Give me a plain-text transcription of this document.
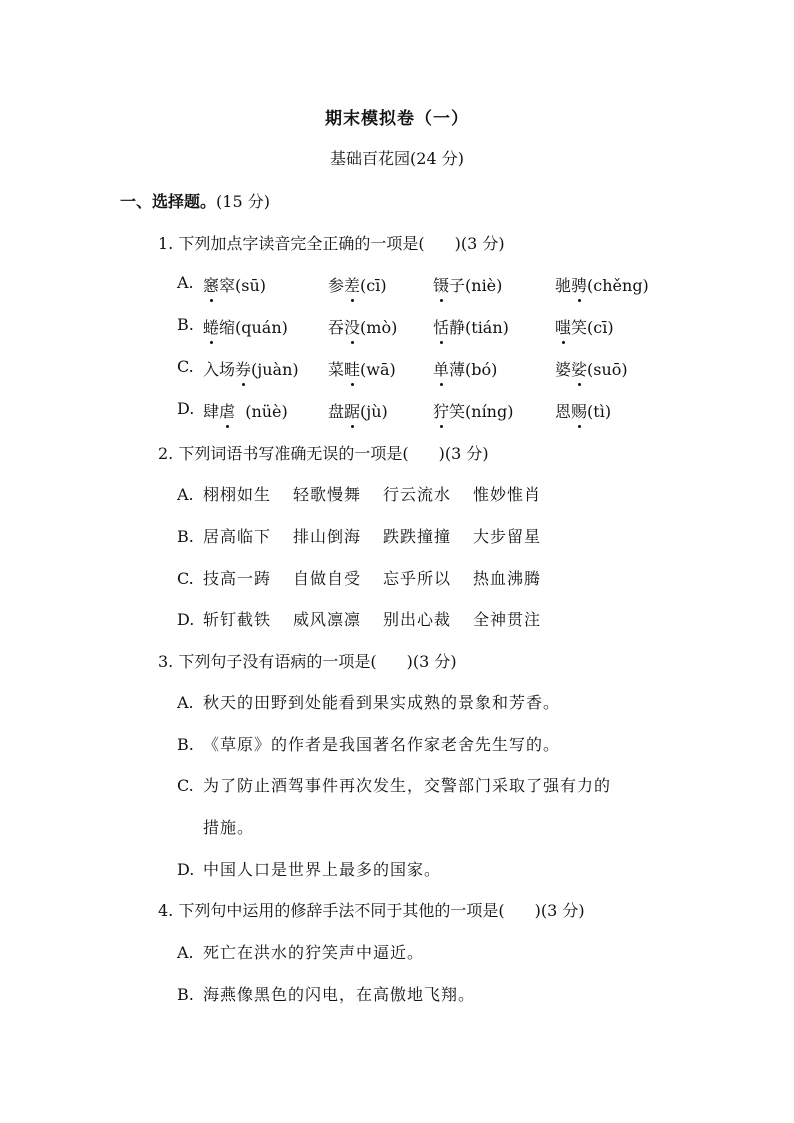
期末模拟卷（一）
基础百花园(24 分)
一、选择题。(15 分)
1. 下列加点字读音完全正确的一项是( )(3 分)
A. 窸窣(sū)	参差(cī)	镊子(niè)	驰骋(chěng)
B. 蜷缩(quán)	吞没(mò) 恬静(tián)	嗤笑(cī)
C. 入场券(juàn) 菜畦(wā) 单薄(bó)	婆娑(suō)
D. 肆虐  (nüè)	盘踞(jù)	狞笑(níng)	恩赐(tì)
2. 下列词语书写准确无误的一项是( )(3 分)
A. 栩栩如生 轻歌慢舞 行云流水 惟妙惟肖
B. 居高临下 排山倒海 跌跌撞撞 大步留星
C. 技高一踌 自做自受 忘乎所以 热血沸腾
D. 斩钉截铁 威风凛凛 别出心裁 全神贯注
3. 下列句子没有语病的一项是( )(3 分)
A. 秋天的田野到处能看到果实成熟的景象和芳香。
B. 《草原》的作者是我国著名作家老舍先生写的。
C. 为了防止酒驾事件再次发生，交警部门采取了强有力的
措施。
D. 中国人口是世界上最多的国家。
4. 下列句中运用的修辞手法不同于其他的一项是( )(3 分)
A. 死亡在洪水的狞笑声中逼近。
B. 海燕像黑色的闪电，在高傲地飞翔。
